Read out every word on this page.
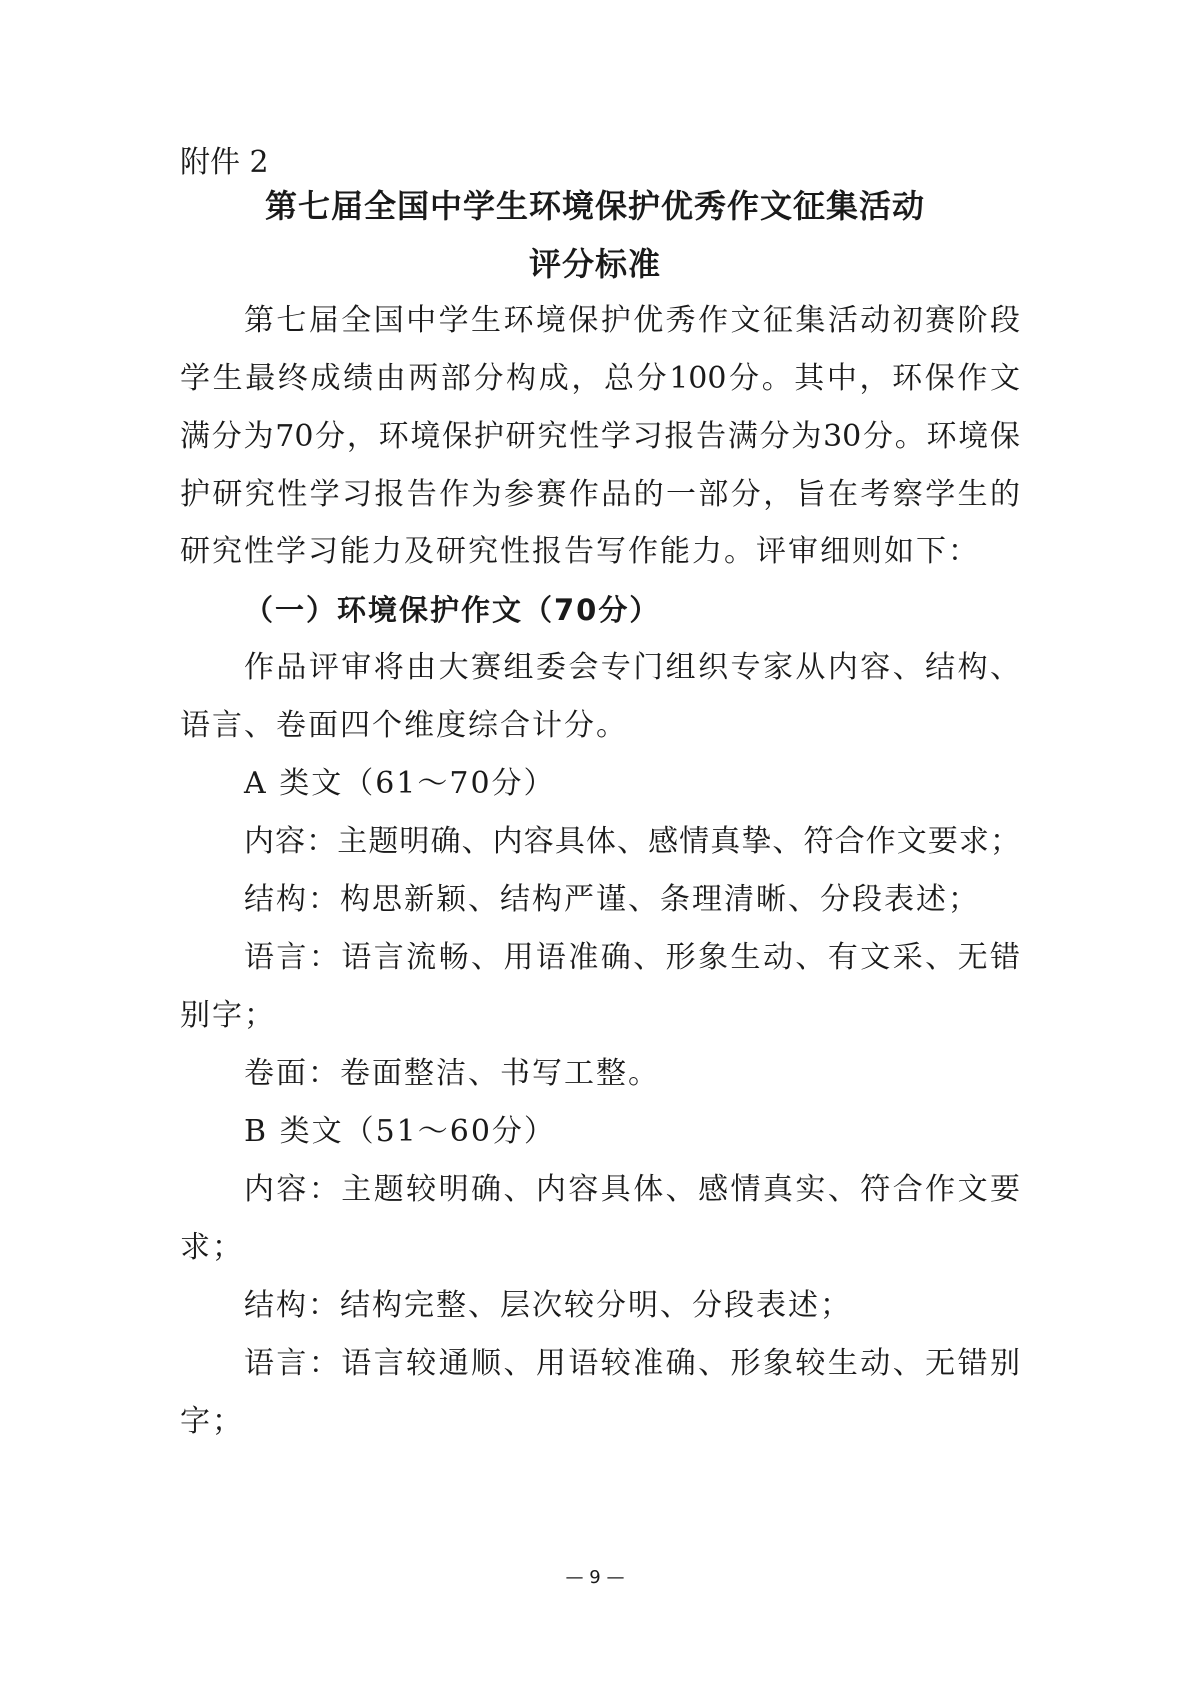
附件 2
第七届全国中学生环境保护优秀作文征集活动
评分标准
第七届全国中学生环境保护优秀作文征集活动初赛阶段
学生最终成绩由两部分构成，总分100分。其中，环保作文
满分为70分，环境保护研究性学习报告满分为30分。环境保
护研究性学习报告作为参赛作品的一部分，旨在考察学生的
研究性学习能力及研究性报告写作能力。评审细则如下：
（一）环境保护作文（70分）
作品评审将由大赛组委会专门组织专家从内容、结构、
语言、卷面四个维度综合计分。
A 类文（61～70分）
内容：主题明确、内容具体、感情真挚、符合作文要求；
结构：构思新颖、结构严谨、条理清晰、分段表述；
语言：语言流畅、用语准确、形象生动、有文采、无错
别字；
卷面：卷面整洁、书写工整。
B 类文（51～60分）
内容：主题较明确、内容具体、感情真实、符合作文要
求；
结构：结构完整、层次较分明、分段表述；
语言：语言较通顺、用语较准确、形象较生动、无错别
字；
— 9 —
